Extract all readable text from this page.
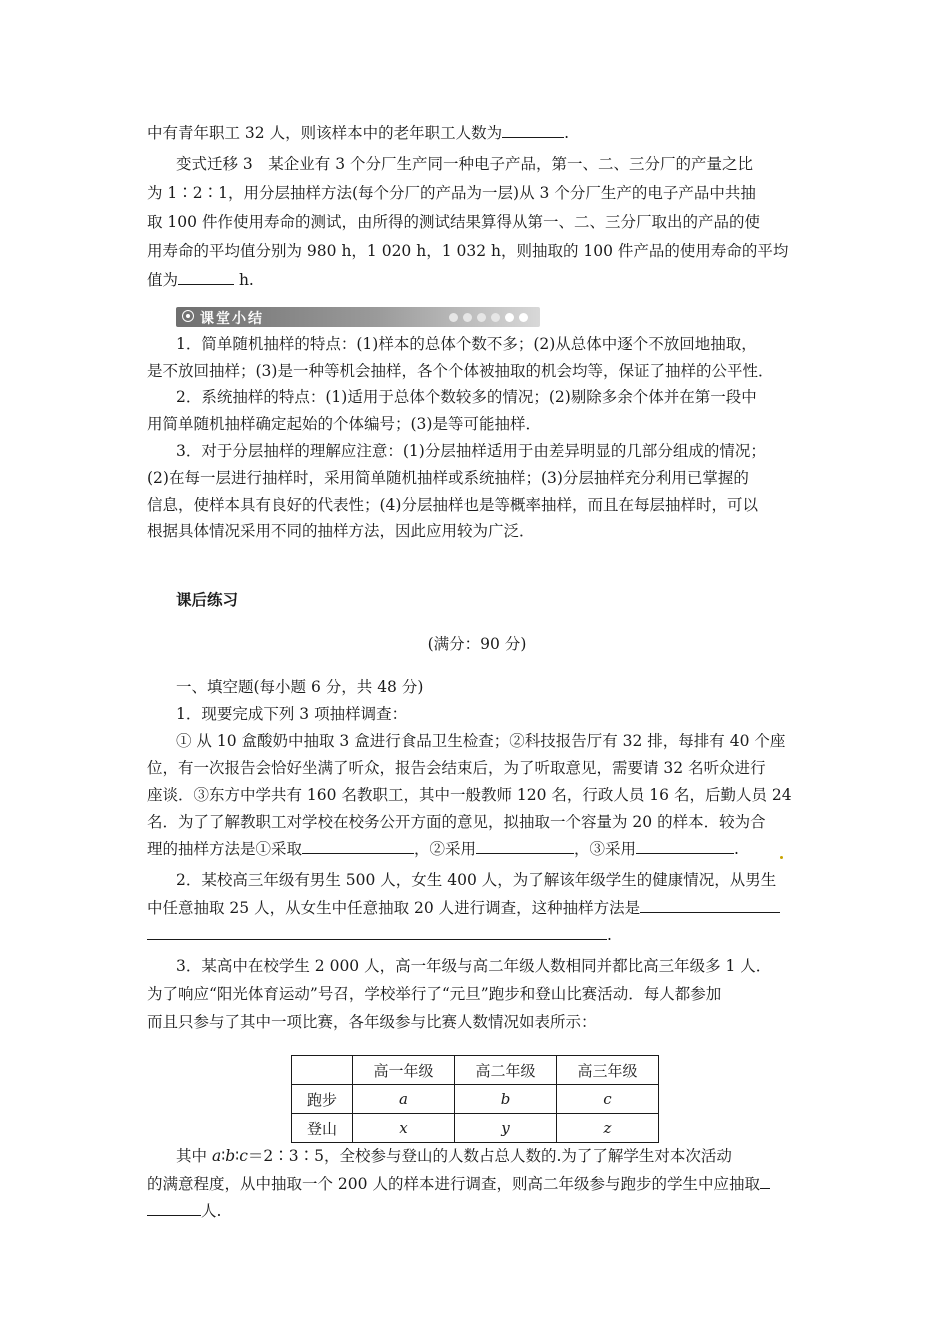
中有青年职工 32 人，则该样本中的老年职工人数为	.
变式迁移 3　某企业有 3 个分厂生产同一种电子产品，第一、二、三分厂的产量之比
为 1∶2∶1，用分层抽样方法(每个分厂的产品为一层)从 3 个分厂生产的电子产品中共抽
取 100 件作使用寿命的测试，由所得的测试结果算得从第一、二、三分厂取出的产品的使
用寿命的平均值分别为 980 h，1 020 h，1 032 h，则抽取的 100 件产品的使用寿命的平均
值为	h.
课堂小结
1．简单随机抽样的特点：(1)样本的总体个数不多；(2)从总体中逐个不放回地抽取，
是不放回抽样；(3)是一种等机会抽样，各个个体被抽取的机会均等，保证了抽样的公平性．
2．系统抽样的特点：(1)适用于总体个数较多的情况；(2)剔除多余个体并在第一段中
用简单随机抽样确定起始的个体编号；(3)是等可能抽样．
3．对于分层抽样的理解应注意：(1)分层抽样适用于由差异明显的几部分组成的情况；
(2)在每一层进行抽样时，采用简单随机抽样或系统抽样；(3)分层抽样充分利用已掌握的
信息，使样本具有良好的代表性；(4)分层抽样也是等概率抽样，而且在每层抽样时，可以
根据具体情况采用不同的抽样方法，因此应用较为广泛．
课后练习
(满分：90 分)
一、填空题(每小题 6 分，共 48 分)
1．现要完成下列 3 项抽样调查：
① 从 10 盒酸奶中抽取 3 盒进行食品卫生检查；②科技报告厅有 32 排，每排有 40 个座
位，有一次报告会恰好坐满了听众，报告会结束后，为了听取意见，需要请 32 名听众进行
座谈．③东方中学共有 160 名教职工，其中一般教师 120 名，行政人员 16 名，后勤人员 24
名．为了了解教职工对学校在校务公开方面的意见，拟抽取一个容量为 20 的样本．较为合
理的抽样方法是①采取	，②采用	，③采用	.
2．某校高三年级有男生 500 人，女生 400 人，为了解该年级学生的健康情况，从男生
中任意抽取 25 人，从女生中任意抽取 20 人进行调查，这种抽样方法是
.
3．某高中在校学生 2 000 人，高一年级与高二年级人数相同并都比高三年级多 1 人．
为了响应“阳光体育运动”号召，学校举行了“元旦”跑步和登山比赛活动．每人都参加
而且只参与了其中一项比赛，各年级参与比赛人数情况如表所示：
	高一年级	高二年级	高三年级
跑步	a	b	c
登山	x	y	z
其中 a∶b∶c＝2∶3∶5，全校参与登山的人数占总人数的.为了了解学生对本次活动
的满意程度，从中抽取一个 200 人的样本进行调查，则高二年级参与跑步的学生中应抽取
人.
